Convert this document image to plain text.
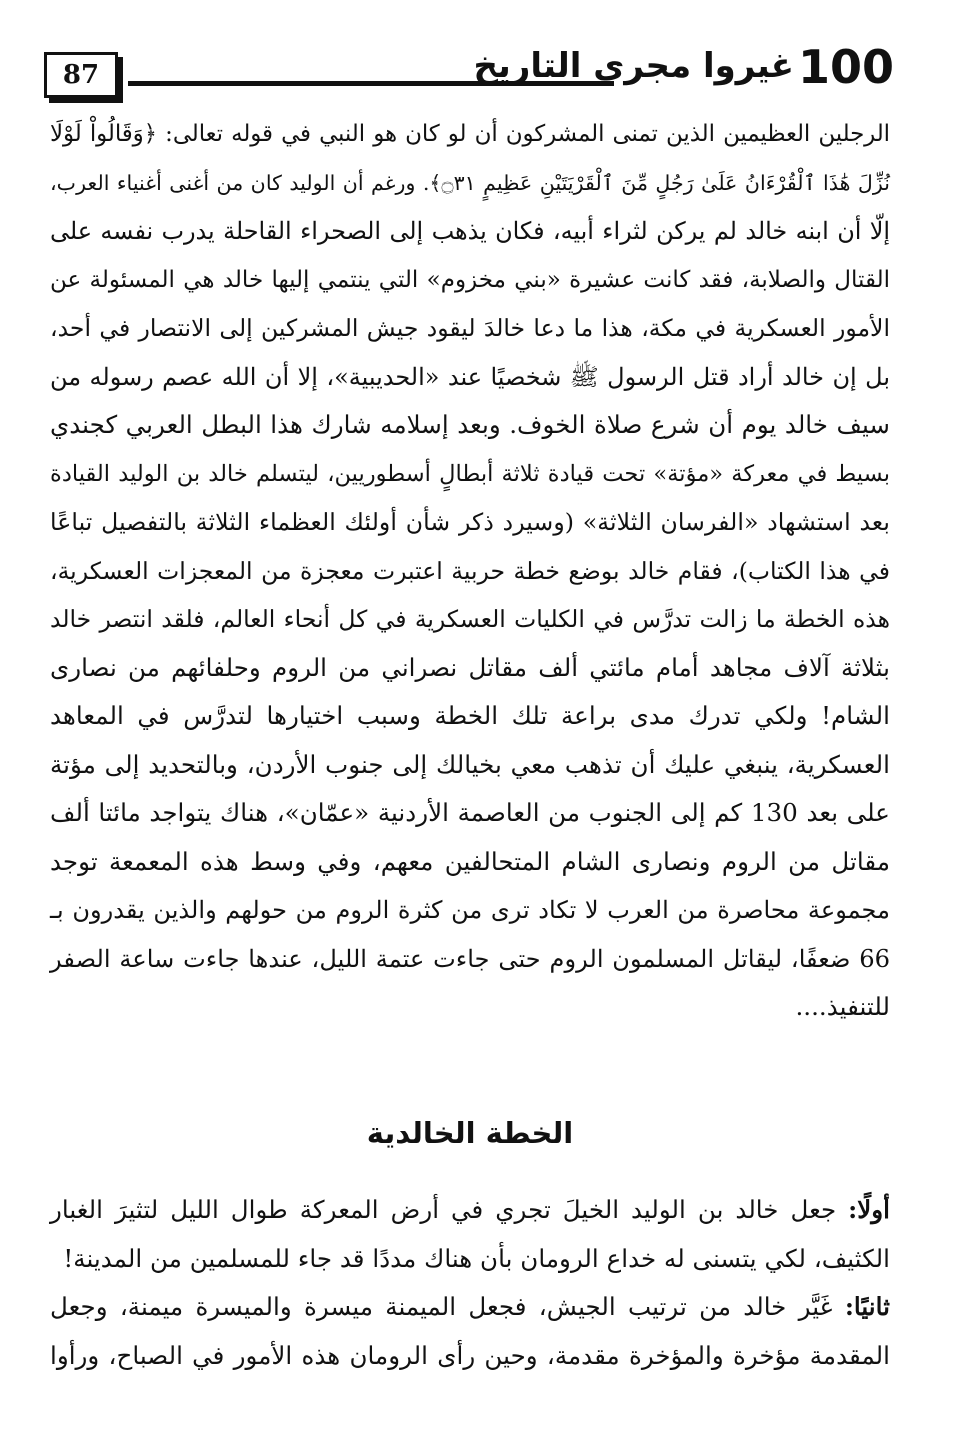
87	غيروا مجرى التاريخ 100
الرجلين العظيمين الذين تمنى المشركون أن لو كان هو النبي في قوله تعالى: ﴿وَقَالُواْ لَوْلَا
نُزِّلَ هَٰذَا ٱلْقُرْءَانُ عَلَىٰ رَجُلٍ مِّنَ ٱلْقَرْيَتَيْنِ عَظِيمٍ ۝٣١﴾. ورغم أن الوليد كان من أغنى أغنياء العرب،
إلّا أن ابنه خالد لم يركن لثراء أبيه، فكان يذهب إلى الصحراء القاحلة يدرب نفسه على
القتال والصلابة، فقد كانت عشيرة «بني مخزوم» التي ينتمي إليها خالد هي المسئولة عن
الأمور العسكرية في مكة، هذا ما دعا خالدَ ليقود جيش المشركين إلى الانتصار في أحد،
بل إن خالد أراد قتل الرسول ﷺ شخصيًا عند «الحديبية»، إلا أن الله عصم رسوله من
سيف خالد يوم أن شرع صلاة الخوف. وبعد إسلامه شارك هذا البطل العربي كجندي
بسيط في معركة «مؤتة» تحت قيادة ثلاثة أبطالٍ أسطوريين، ليتسلم خالد بن الوليد القيادة
بعد استشهاد «الفرسان الثلاثة» (وسيرد ذكر شأن أولئك العظماء الثلاثة بالتفصيل تباعًا
في هذا الكتاب)، فقام خالد بوضع خطة حربية اعتبرت معجزة من المعجزات العسكرية،
هذه الخطة ما زالت تدرَّس في الكليات العسكرية في كل أنحاء العالم، فلقد انتصر خالد
بثلاثة آلاف مجاهد أمام مائتي ألف مقاتل نصراني من الروم وحلفائهم من نصارى
الشام! ولكي تدرك مدى براعة تلك الخطة وسبب اختيارها لتدرَّس في المعاهد
العسكرية، ينبغي عليك أن تذهب معي بخيالك إلى جنوب الأردن، وبالتحديد إلى مؤتة
على بعد 130 كم إلى الجنوب من العاصمة الأردنية «عمّان»، هناك يتواجد مائتا ألف
مقاتل من الروم ونصارى الشام المتحالفين معهم، وفي وسط هذه المعمعة توجد
مجموعة محاصرة من العرب لا تكاد ترى من كثرة الروم من حولهم والذين يقدرون بـ
66 ضعفًا، ليقاتل المسلمون الروم حتى جاءت عتمة الليل، عندها جاءت ساعة الصفر
للتنفيذ....
الخطة الخالدية
أولًا: جعل خالد بن الوليد الخيلَ تجري في أرض المعركة طوال الليل لتثيرَ الغبار
الكثيف، لكي يتسنى له خداع الرومان بأن هناك مددًا قد جاء للمسلمين من المدينة!
ثانيًا: غَيَّر خالد من ترتيب الجيش، فجعل الميمنة ميسرة والميسرة ميمنة، وجعل
المقدمة مؤخرة والمؤخرة مقدمة، وحين رأى الرومان هذه الأمور في الصباح، ورأوا
